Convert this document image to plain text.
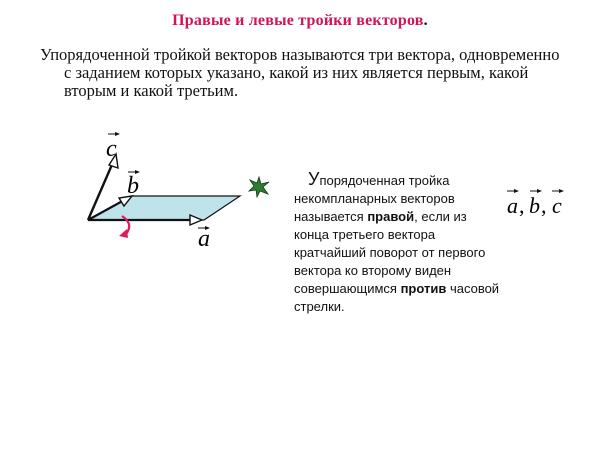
Правые и левые тройки векторов.
Упорядоченной тройкой векторов называются три вектора, одновременно с заданием которых указано, какой из них является первым, какой вторым и какой третьим.
c
b
a
Упорядоченная тройка
некомпланарных векторов
называется правой, если из
конца третьего вектора
кратчайший поворот от первого
вектора ко второму виден
совершающимся против часовой
стрелки.
a , b , c
